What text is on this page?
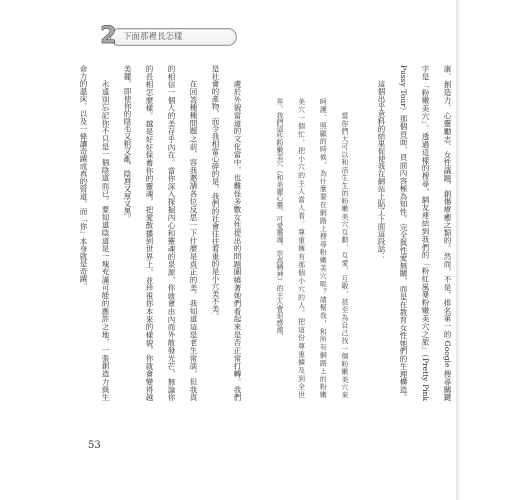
2 下面那裡長怎樣
康、創造力、心靈勵志、女性議題、創傷療癒之類的。然而，不是，排名第一的 Google 搜尋關鍵
字是「粉嫩美穴」。透過這樣的搜尋，網友連結到我們的「粉紅風暴粉嫩美穴之旅」（Pretty Pink
Pussy Tour）那個頁面，頁面內容極為知性、完全與性愛無關，而是在教育女性她們的生理構造。
這個出乎意料的結果促使我在網站上貼了下面這段話：
當你們大可以和活生生的粉嫩美穴互動、互愛、互敬，甚至為自己找一個粉嫩美穴來
呵護、照顧的時候，為什麼要在網路上搜尋粉嫩美穴呢？請幫我，和所有網路上的粉嫩
美穴一個忙，把小穴的主人當人看。尊重擁有那個小穴的人，把這份尊重擴及到全世
界。我們這些粉嫩美穴（和美麗心靈、可愛靈魂、崇高精神）的主人會很感激。
處於外貌當道的文化當中，也難怪多數女性提出的問題圍繞著她們看起來是否正常打轉。我們
是社會的產物，而令我相當心碎的是，我們的社會往往看重的是小穴美不美。
在回答種種問題之前，容我邀請各位反思一下什麼是真正的美。我知道這是老生常談，但我真
的相信一個人的美存乎內在。當你深入探掘內心和靈魂的泉源，你就會由內而外散發光芒，無論你
的長相怎麼樣。越是好好保養你的靈魂，把愛散播到世界上，並珍視你本來的樣貌，你就會變得越
美麗，即使你的陰毛又粗又亂、陰唇又厚又黑。
永遠別忘記你不只是一個陰道而已。要知道陰道是一塊充滿可能的應許之地，一張創造力與生
命力的溫床，以及一條讓奇蹟成真的管道，而「你」本身就是奇蹟。
53
